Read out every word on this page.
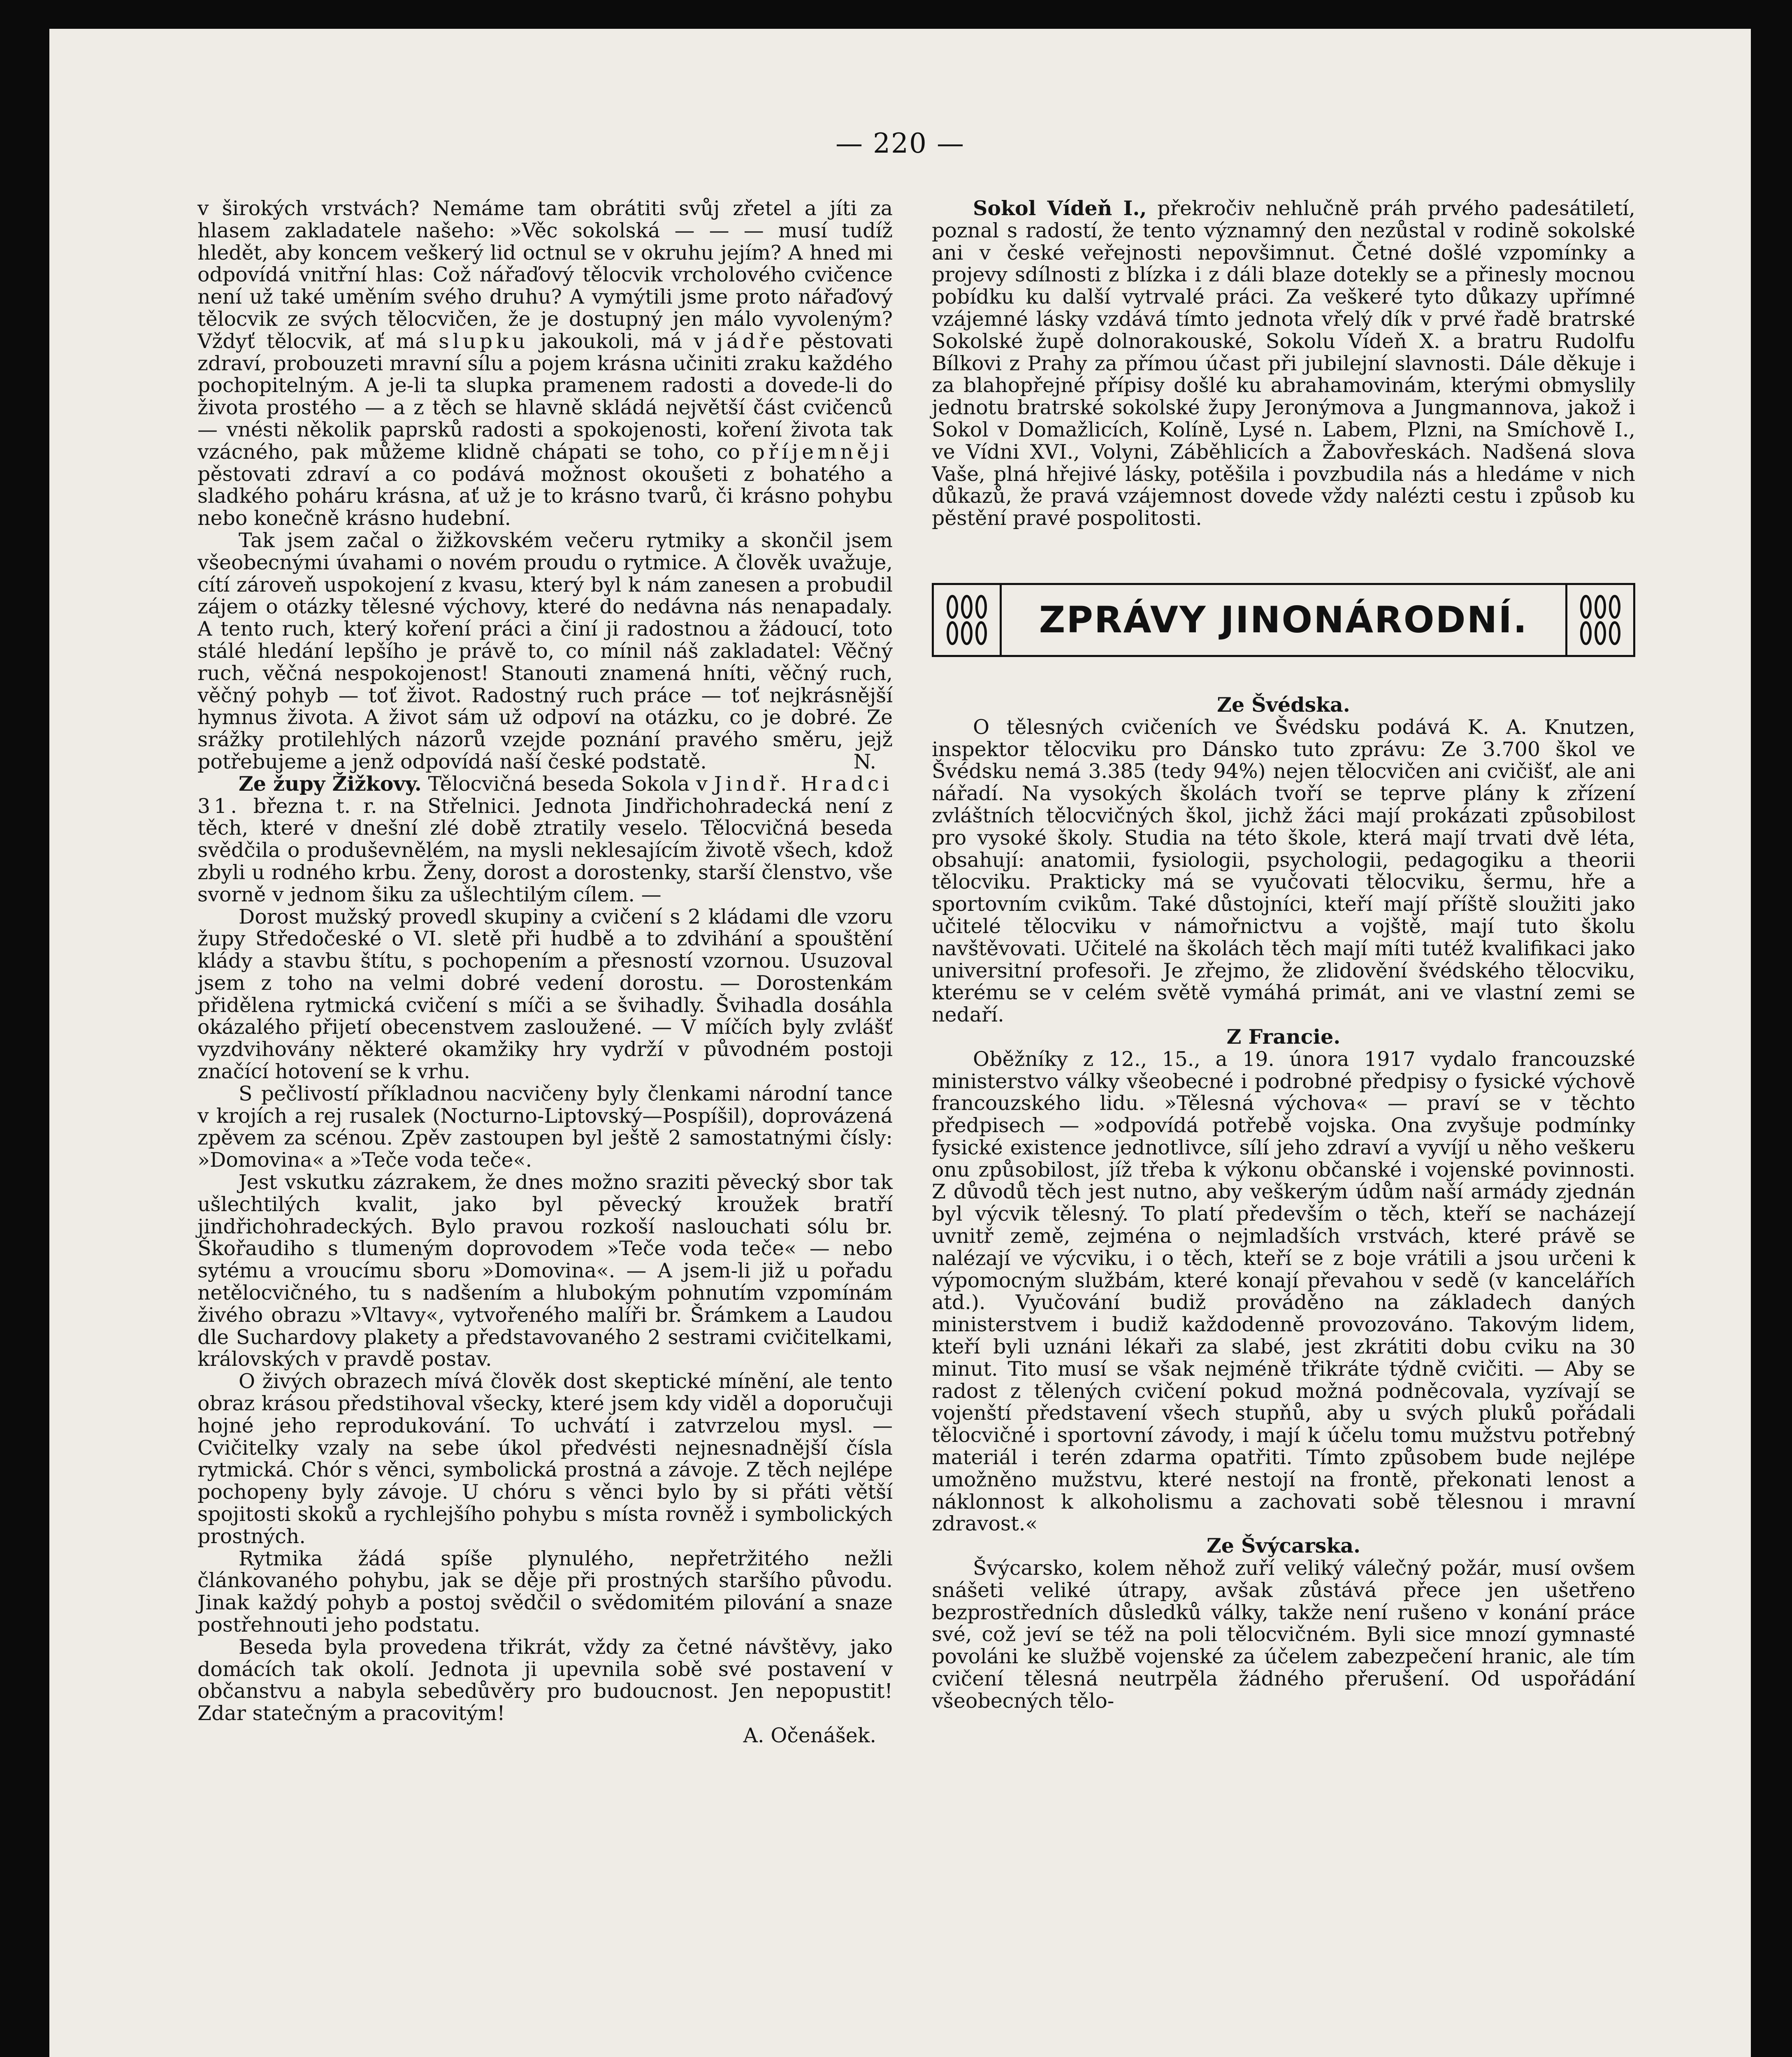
— 220 —

v širokých vrstvách? Nemáme tam obrátiti svůj zřetel a jíti za hlasem zakladatele našeho: »Věc sokolská — — — musí tudíž hledět, aby koncem veškerý lid octnul se v okruhu jejím? A hned mi odpovídá vnitřní hlas: Což nářaďový tělocvik vrcholového cvičence není už také uměním svého druhu? A vymýtili jsme proto nářaďový tělocvik ze svých tělocvičen, že je dostupný jen málo vyvoleným? Vždyť tělocvik, ať má slupku jakoukoli, má v jádře pěstovati zdraví, probouzeti mravní sílu a pojem krásna učiniti zraku každého pochopitelným. A je-li ta slupka pramenem radosti a dovede-li do života prostého — a z těch se hlavně skládá největší část cvičenců — vnésti několik paprsků radosti a spokojenosti, koření života tak vzácného, pak můžeme klidně chápati se toho, co příjemněji pěstovati zdraví a co podává možnost okoušeti z bohatého a sladkého poháru krásna, ať už je to krásno tvarů, či krásno pohybu nebo konečně krásno hudební.

Tak jsem začal o žižkovském večeru rytmiky a skončil jsem všeobecnými úvahami o novém proudu o rytmice. A člověk uvažuje, cítí zároveň uspokojení z kvasu, který byl k nám zanesen a probudil zájem o otázky tělesné výchovy, které do nedávna nás nenapadaly. A tento ruch, který koření práci a činí ji radostnou a žádoucí, toto stálé hledání lepšího je právě to, co mínil náš zakladatel: Věčný ruch, věčná nespokojenost! Stanouti znamená hníti, věčný ruch, věčný pohyb — toť život. Radostný ruch práce — toť nejkrásnější hymnus života. A život sám už odpoví na otázku, co je dobré. Ze srážky protilehlých názorů vzejde poznání pravého směru, jejž potřebujeme a jenž odpovídá naší české podstatě.	N.

Ze župy Žižkovy. Tělocvičná beseda Sokola v Jindř. Hradci 31. března t. r. na Střelnici. Jednota Jindřichohradecká není z těch, které v dnešní zlé době ztratily veselo. Tělocvičná beseda svědčila o produševnělém, na mysli neklesajícím životě všech, kdož zbyli u rodného krbu. Ženy, dorost a dorostenky, starší členstvo, vše svorně v jednom šiku za ušlechtilým cílem. —

Dorost mužský provedl skupiny a cvičení s 2 kládami dle vzoru župy Středočeské o VI. sletě při hudbě a to zdvihání a spouštění klády a stavbu štítu, s pochopením a přesností vzornou. Usuzoval jsem z toho na velmi dobré vedení dorostu. — Dorostenkám přidělena rytmická cvičení s míči a se švihadly. Švihadla dosáhla okázalého přijetí obecenstvem zasloužené. — V míčích byly zvlášť vyzdvihovány některé okamžiky hry vydrží v původném postoji značící hotovení se k vrhu.

S pečlivostí příkladnou nacvičeny byly členkami národní tance v krojích a rej rusalek (Nocturno-Liptovský—Pospíšil), doprovázená zpěvem za scénou. Zpěv zastoupen byl ještě 2 samostatnými čísly: »Domovina« a »Teče voda teče«.

Jest vskutku zázrakem, že dnes možno sraziti pěvecký sbor tak ušlechtilých kvalit, jako byl pěvecký kroužek bratří jindřichohradeckých. Bylo pravou rozkoší naslouchati sólu br. Škořaudiho s tlumeným doprovodem »Teče voda teče« — nebo sytému a vroucímu sboru »Domovina«. — A jsem-li již u pořadu netělocvičného, tu s nadšením a hlubokým pohnutím vzpomínám živého obrazu »Vltavy«, vytvořeného malíři br. Šrámkem a Laudou dle Suchardovy plakety a představovaného 2 sestrami cvičitelkami, královských v pravdě postav.

O živých obrazech mívá člověk dost skeptické mínění, ale tento obraz krásou předstihoval všecky, které jsem kdy viděl a doporučuji hojné jeho reprodukování. To uchvátí i zatvrzelou mysl. — Cvičitelky vzaly na sebe úkol předvésti nejnesnadnější čísla rytmická. Chór s věnci, symbolická prostná a závoje. Z těch nejlépe pochopeny byly závoje. U chóru s věnci bylo by si přáti větší spojitosti skoků a rychlejšího pohybu s místa rovněž i symbolických prostných.

Rytmika žádá spíše plynulého, nepřetržitého nežli článkovaného pohybu, jak se děje při prostných staršího původu. Jinak každý pohyb a postoj svědčil o svědomitém pilování a snaze postřehnouti jeho podstatu.

Beseda byla provedena třikrát, vždy za četné návštěvy, jako domácích tak okolí. Jednota ji upevnila sobě své postavení v občanstvu a nabyla sebedůvěry pro budoucnost. Jen nepopustit! Zdar statečným a pracovitým!

A. Očenášek.

Sokol Vídeň I., překročiv nehlučně práh prvého padesátiletí, poznal s radostí, že tento významný den nezůstal v rodině sokolské ani v české veřejnosti nepovšimnut. Četné došlé vzpomínky a projevy sdílnosti z blízka i z dáli blaze dotekly se a přinesly mocnou pobídku ku další vytrvalé práci. Za veškeré tyto důkazy upřímné vzájemné lásky vzdává tímto jednota vřelý dík v prvé řadě bratrské Sokolské župě dolnorakouské, Sokolu Vídeň X. a bratru Rudolfu Bílkovi z Prahy za přímou účast při jubilejní slavnosti. Dále děkuje i za blahopřejné přípisy došlé ku abrahamovinám, kterými obmyslily jednotu bratrské sokolské župy Jeronýmova a Jungmannova, jakož i Sokol v Domažlicích, Kolíně, Lysé n. Labem, Plzni, na Smíchově I., ve Vídni XVI., Volyni, Záběhlicích a Žabovřeskách. Nadšená slova Vaše, plná hřejivé lásky, potěšila i povzbudila nás a hledáme v nich důkazů, že pravá vzájemnost dovede vždy nalézti cestu i způsob ku pěstění pravé pospolitosti.

ZPRÁVY JINONÁRODNÍ.

Ze Švédska.

O tělesných cvičeních ve Švédsku podává K. A. Knutzen, inspektor tělocviku pro Dánsko tuto zprávu: Ze 3.700 škol ve Švédsku nemá 3.385 (tedy 94%) nejen tělocvičen ani cvičišť, ale ani nářadí. Na vysokých školách tvoří se teprve plány k zřízení zvláštních tělocvičných škol, jichž žáci mají prokázati způsobilost pro vysoké školy. Studia na této škole, která mají trvati dvě léta, obsahují: anatomii, fysiologii, psychologii, pedagogiku a theorii tělocviku. Prakticky má se vyučovati tělocviku, šermu, hře a sportovním cvikům. Také důstojníci, kteří mají příště sloužiti jako učitelé tělocviku v námořnictvu a vojště, mají tuto školu navštěvovati. Učitelé na školách těch mají míti tutéž kvalifikaci jako universitní profesoři. Je zřejmo, že zlidovění švédského tělocviku, kterému se v celém světě vymáhá primát, ani ve vlastní zemi se nedaří.

Z Francie.

Oběžníky z 12., 15., a 19. února 1917 vydalo francouzské ministerstvo války všeobecné i podrobné předpisy o fysické výchově francouzského lidu. »Tělesná výchova« — praví se v těchto předpisech — »odpovídá potřebě vojska. Ona zvyšuje podmínky fysické existence jednotlivce, sílí jeho zdraví a vyvíjí u něho veškeru onu způsobilost, jíž třeba k výkonu občanské i vojenské povinnosti. Z důvodů těch jest nutno, aby veškerým údům naší armády zjednán byl výcvik tělesný. To platí především o těch, kteří se nacházejí uvnitř země, zejména o nejmladších vrstvách, které právě se nalézají ve výcviku, i o těch, kteří se z boje vrátili a jsou určeni k výpomocným službám, které konají převahou v sedě (v kancelářích atd.). Vyučování budiž prováděno na základech daných ministerstvem i budiž každodenně provozováno. Takovým lidem, kteří byli uznáni lékaři za slabé, jest zkrátiti dobu cviku na 30 minut. Tito musí se však nejméně třikráte týdně cvičiti. — Aby se radost z tělených cvičení pokud možná podněcovala, vyzívají se vojenští představení všech stupňů, aby u svých pluků pořádali tělocvičné i sportovní závody, i mají k účelu tomu mužstvu potřebný materiál i terén zdarma opatřiti. Tímto způsobem bude nejlépe umožněno mužstvu, které nestojí na frontě, překonati lenost a náklonnost k alkoholismu a zachovati sobě tělesnou i mravní zdravost.«

Ze Švýcarska.

Švýcarsko, kolem něhož zuří veliký válečný požár, musí ovšem snášeti veliké útrapy, avšak zůstává přece jen ušetřeno bezprostředních důsledků války, takže není rušeno v konání práce své, což jeví se též na poli tělocvičném. Byli sice mnozí gymnasté povoláni ke službě vojenské za účelem zabezpečení hranic, ale tím cvičení tělesná neutrpěla žádného přerušení. Od uspořádání všeobecných tělo-
